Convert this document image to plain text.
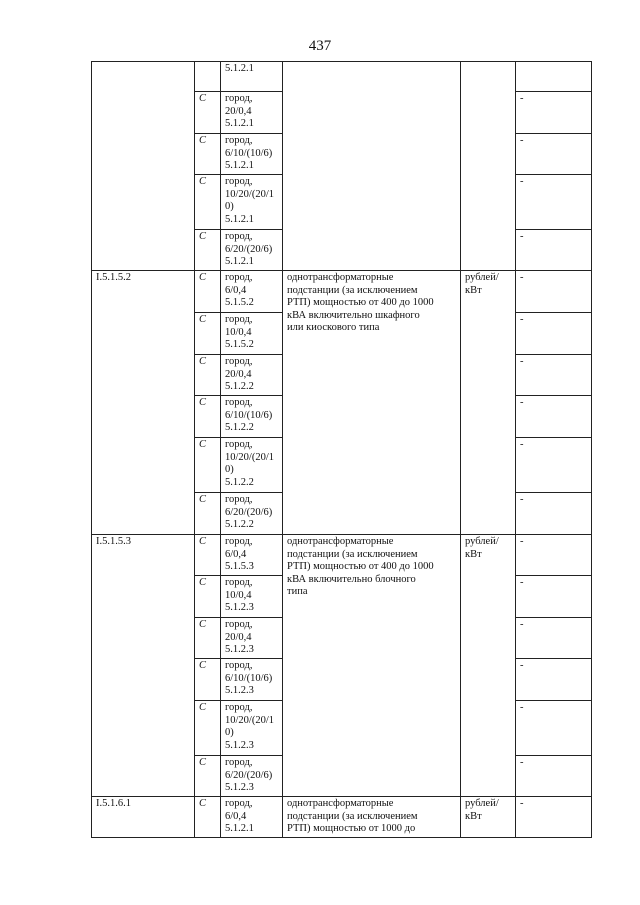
437

		5.1.2.1			

	C	город,
20/0,4
5.1.2.1			-
	C	город,
6/10/(10/6)
5.1.2.1			-
	C	город,
10/20/(20/1
0)
5.1.2.1			-
	C	город,
6/20/(20/6)
5.1.2.1			-
I.5.1.5.2	C	город,
6/0,4
5.1.5.2	однотрансформаторные
подстанции (за исключением
РТП) мощностью от 400 до 1000
кВА включительно шкафного
или киоскового типа	рублей/
кВт	-
	C	город,
10/0,4
5.1.5.2			-
	C	город,
20/0,4
5.1.2.2			-
	C	город,
6/10/(10/6)
5.1.2.2			-
	C	город,
10/20/(20/1
0)
5.1.2.2			-
	C	город,
6/20/(20/6)
5.1.2.2			-
I.5.1.5.3	C	город,
6/0,4
5.1.5.3	однотрансформаторные
подстанции (за исключением
РТП) мощностью от 400 до 1000
кВА включительно блочного
типа	рублей/
кВт	-
	C	город,
10/0,4
5.1.2.3			-
	C	город,
20/0,4
5.1.2.3			-
	C	город,
6/10/(10/6)
5.1.2.3			-
	C	город,
10/20/(20/1
0)
5.1.2.3			-
	C	город,
6/20/(20/6)
5.1.2.3			-
I.5.1.6.1	C	город,
6/0,4
5.1.2.1	однотрансформаторные
подстанции (за исключением
РТП) мощностью от 1000 до	рублей/
кВт	-
